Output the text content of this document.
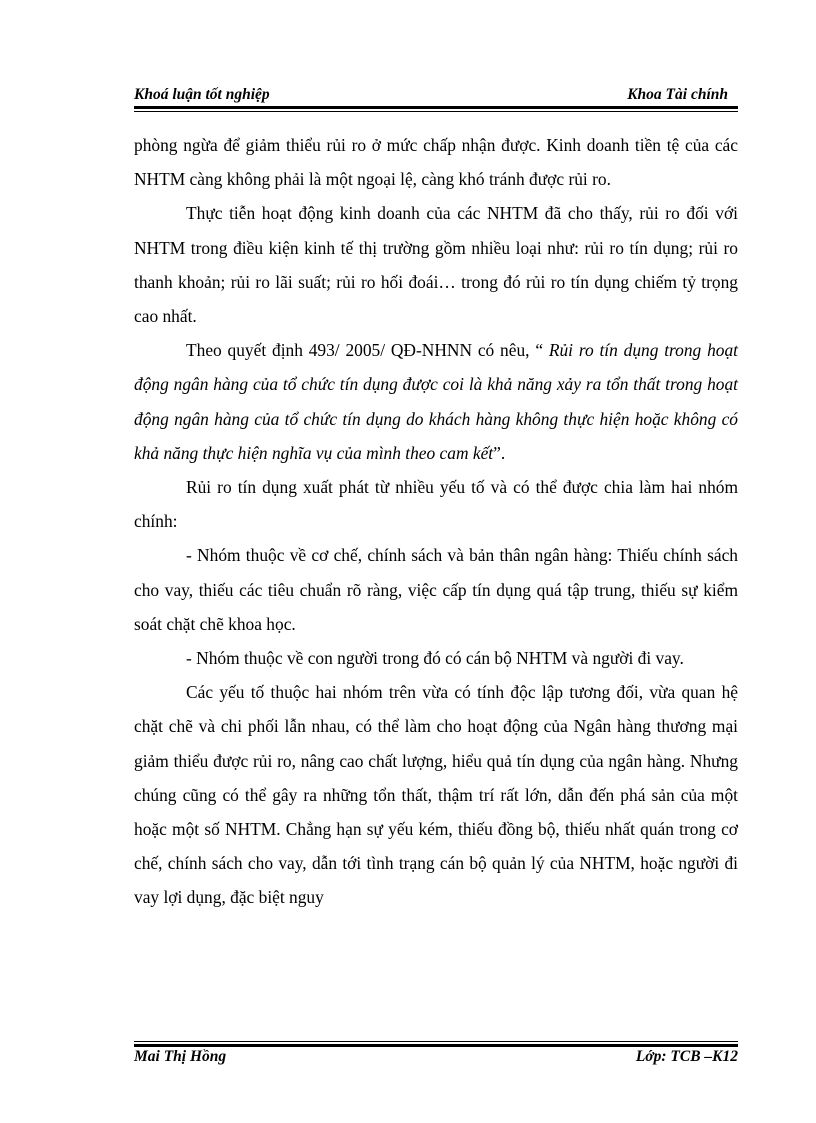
Khoá luận tốt nghiệp	Khoa Tài chính

phòng ngừa để giảm thiểu rủi ro ở mức chấp nhận được. Kinh doanh tiền tệ của các NHTM càng không phải là một ngoại lệ, càng khó tránh được rủi ro.

Thực tiễn hoạt động kinh doanh của các NHTM đã cho thấy, rủi ro đối với NHTM trong điều kiện kinh tế thị trường gồm nhiều loại như: rủi ro tín dụng; rủi ro thanh khoản; rủi ro lãi suất; rủi ro hối đoái… trong đó rủi ro tín dụng chiếm tỷ trọng cao nhất.

Theo quyết định 493/ 2005/ QĐ-NHNN có nêu, “ Rủi ro tín dụng trong hoạt động ngân hàng của tổ chức tín dụng được coi là khả năng xảy ra tổn thất trong hoạt động ngân hàng của tổ chức tín dụng do khách hàng không thực hiện hoặc không có khả năng thực hiện nghĩa vụ của mình theo cam kết”.

Rủi ro tín dụng xuất phát từ nhiều yếu tố và có thể được chia làm hai nhóm chính:

- Nhóm thuộc về cơ chế, chính sách và bản thân ngân hàng: Thiếu chính sách cho vay, thiếu các tiêu chuẩn rõ ràng, việc cấp tín dụng quá tập trung, thiếu sự kiểm soát chặt chẽ khoa học.

- Nhóm thuộc về con người trong đó có cán bộ NHTM và người đi vay.

Các yếu tố thuộc hai nhóm trên vừa có tính độc lập tương đối, vừa quan hệ chặt chẽ và chi phối lẫn nhau, có thể làm cho hoạt động của Ngân hàng thương mại giảm thiểu được rủi ro, nâng cao chất lượng, hiểu quả tín dụng của ngân hàng. Nhưng chúng cũng có thể gây ra những tổn thất, thậm trí rất lớn, dẫn đến phá sản của một hoặc một số NHTM. Chẳng hạn sự yếu kém, thiếu đồng bộ, thiếu nhất quán trong cơ chế, chính sách cho vay, dẫn tới tình trạng cán bộ quản lý của NHTM, hoặc người đi vay lợi dụng, đặc biệt nguy

Mai Thị Hồng	Lớp: TCB –K12
